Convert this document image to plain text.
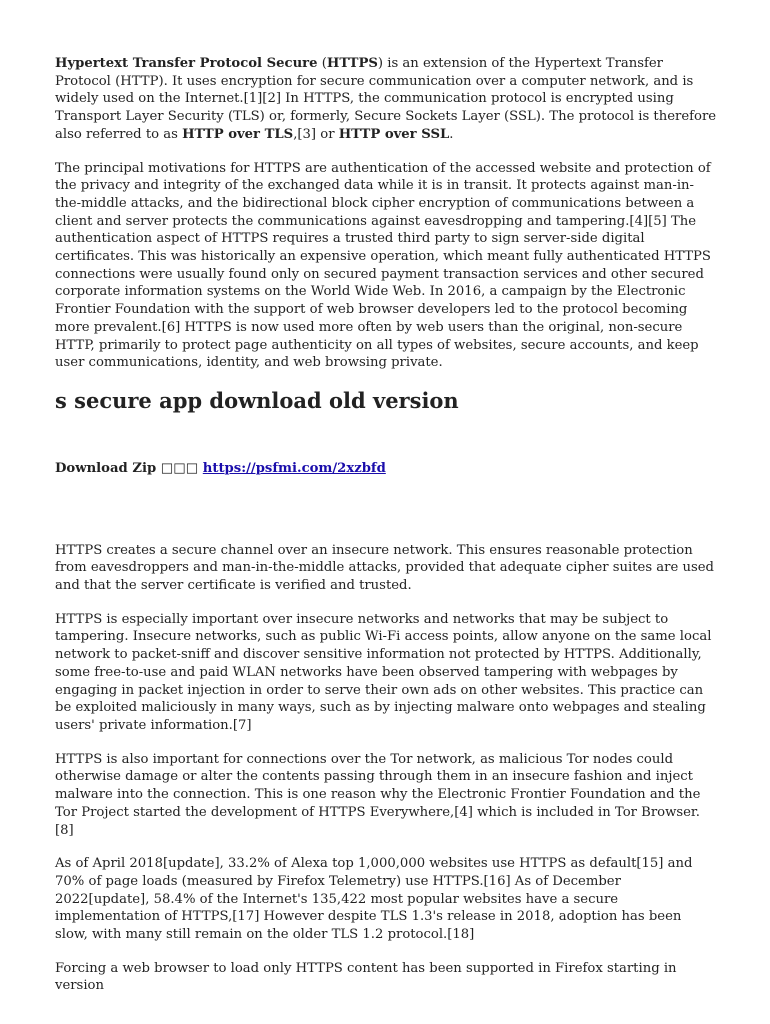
Hypertext Transfer Protocol Secure (HTTPS) is an extension of the Hypertext Transfer Protocol (HTTP). It uses encryption for secure communication over a computer network, and is widely used on the Internet.[1][2] In HTTPS, the communication protocol is encrypted using Transport Layer Security (TLS) or, formerly, Secure Sockets Layer (SSL). The protocol is therefore also referred to as HTTP over TLS,[3] or HTTP over SSL.

The principal motivations for HTTPS are authentication of the accessed website and protection of the privacy and integrity of the exchanged data while it is in transit. It protects against man-in-the-middle attacks, and the bidirectional block cipher encryption of communications between a client and server protects the communications against eavesdropping and tampering.[4][5] The authentication aspect of HTTPS requires a trusted third party to sign server-side digital certificates. This was historically an expensive operation, which meant fully authenticated HTTPS connections were usually found only on secured payment transaction services and other secured corporate information systems on the World Wide Web. In 2016, a campaign by the Electronic Frontier Foundation with the support of web browser developers led to the protocol becoming more prevalent.[6] HTTPS is now used more often by web users than the original, non-secure HTTP, primarily to protect page authenticity on all types of websites, secure accounts, and keep user communications, identity, and web browsing private.

s secure app download old version
Download Zip □□□ https://psfmi.com/2xzbfd

HTTPS creates a secure channel over an insecure network. This ensures reasonable protection from eavesdroppers and man-in-the-middle attacks, provided that adequate cipher suites are used and that the server certificate is verified and trusted.

HTTPS is especially important over insecure networks and networks that may be subject to tampering. Insecure networks, such as public Wi-Fi access points, allow anyone on the same local network to packet-sniff and discover sensitive information not protected by HTTPS. Additionally, some free-to-use and paid WLAN networks have been observed tampering with webpages by engaging in packet injection in order to serve their own ads on other websites. This practice can be exploited maliciously in many ways, such as by injecting malware onto webpages and stealing users' private information.[7]

HTTPS is also important for connections over the Tor network, as malicious Tor nodes could otherwise damage or alter the contents passing through them in an insecure fashion and inject malware into the connection. This is one reason why the Electronic Frontier Foundation and the Tor Project started the development of HTTPS Everywhere,[4] which is included in Tor Browser.[8]

As of April 2018[update], 33.2% of Alexa top 1,000,000 websites use HTTPS as default[15] and 70% of page loads (measured by Firefox Telemetry) use HTTPS.[16] As of December 2022[update], 58.4% of the Internet's 135,422 most popular websites have a secure implementation of HTTPS,[17] However despite TLS 1.3's release in 2018, adoption has been slow, with many still remain on the older TLS 1.2 protocol.[18]

Forcing a web browser to load only HTTPS content has been supported in Firefox starting in version
